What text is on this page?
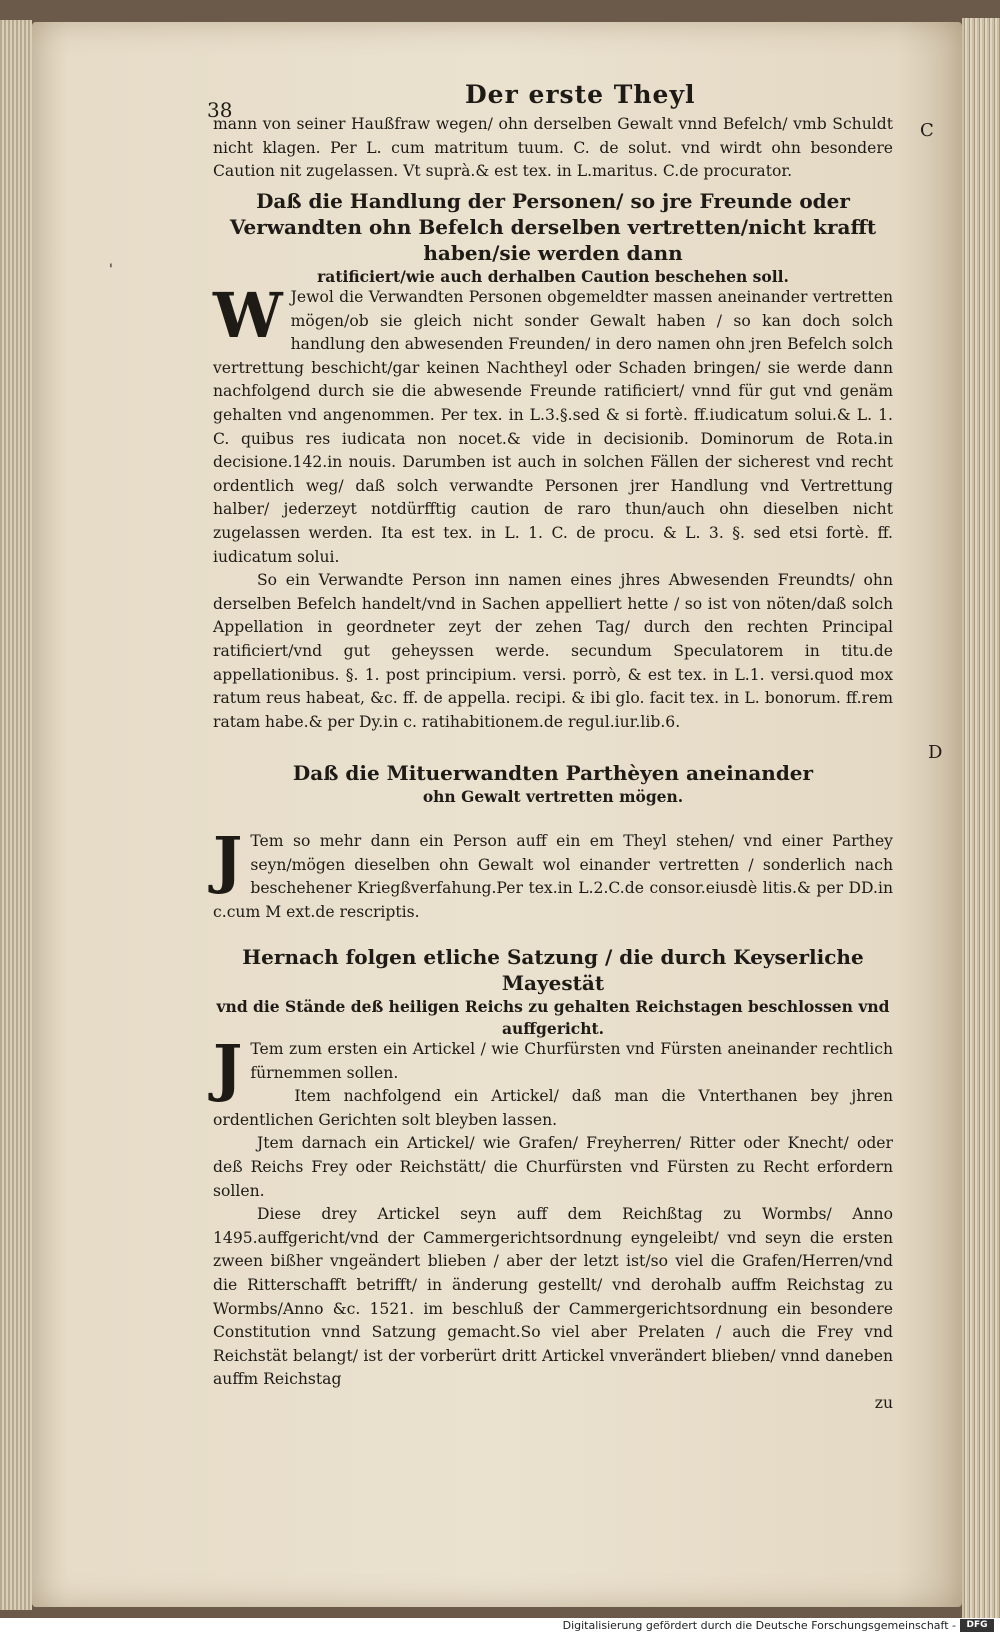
Der erste Theyl
38
C
D
'

mann von seiner Haußfraw wegen/ ohn derselben Gewalt vnnd Befelch/ vmb Schuldt nicht klagen. Per L. cum matritum tuum. C. de solut. vnd wirdt ohn besondere Caution nit zugelassen. Vt suprà.& est tex. in L.maritus. C.de procurator.

Daß die Handlung der Personen/ so jre Freunde oder Verwandten ohn Befelch derselben vertretten/nicht krafft haben/sie werden dann
ratificiert/wie auch derhalben Caution beschehen soll.

W Jewol die Verwandten Personen obgemeldter massen aneinander vertretten mögen/ob sie gleich nicht sonder Gewalt haben / so kan doch solch handlung den abwesenden Freunden/ in dero namen ohn jren Befelch solch vertrettung beschicht/gar keinen Nachtheyl oder Schaden bringen/ sie werde dann nachfolgend durch sie die abwesende Freunde ratificiert/ vnnd für gut vnd genäm gehalten vnd angenommen. Per tex. in L.3.§.sed & si fortè. ff.iudicatum solui.& L. 1. C. quibus res iudicata non nocet.& vide in decisionib. Dominorum de Rota.in decisione.142.in nouis. Darumben ist auch in solchen Fällen der sicherest vnd recht ordentlich weg/ daß solch verwandte Personen jrer Handlung vnd Vertrettung halber/ jederzeyt notdürfftig caution de raro thun/auch ohn dieselben nicht zugelassen werden. Ita est tex. in L. 1. C. de procu. & L. 3. §. sed etsi fortè. ff. iudicatum solui.

So ein Verwandte Person inn namen eines jhres Abwesenden Freundts/ ohn derselben Befelch handelt/vnd in Sachen appelliert hette / so ist von nöten/daß solch Appellation in geordneter zeyt der zehen Tag/ durch den rechten Principal ratificiert/vnd gut geheyssen werde. secundum Speculatorem in titu.de appellationibus. §. 1. post principium. versi. porrò, & est tex. in L.1. versi.quod mox ratum reus habeat, &c. ff. de appella. recipi. & ibi glo. facit tex. in L. bonorum. ff.rem ratam habe.& per Dy.in c. ratihabitionem.de regul.iur.lib.6.

Daß die Mituerwandten Parthèyen aneinander
ohn Gewalt vertretten mögen.

J Tem so mehr dann ein Person auff ein em Theyl stehen/ vnd einer Parthey seyn/mögen dieselben ohn Gewalt wol einander vertretten / sonderlich nach beschehener Kriegßverfahung.Per tex.in L.2.C.de consor.eiusdè litis.& per DD.in c.cum M ext.de rescriptis.

Hernach folgen etliche Satzung / die durch Keyserliche Mayestät
vnd die Stände deß heiligen Reichs zu gehalten Reichstagen beschlossen vnd auffgericht.

J Tem zum ersten ein Artickel / wie Churfürsten vnd Fürsten aneinander rechtlich fürnemmen sollen.

Item nachfolgend ein Artickel/ daß man die Vnterthanen bey jhren ordentlichen Gerichten solt bleyben lassen.

Jtem darnach ein Artickel/ wie Grafen/ Freyherren/ Ritter oder Knecht/ oder deß Reichs Frey oder Reichstätt/ die Churfürsten vnd Fürsten zu Recht erfordern sollen.

Diese drey Artickel seyn auff dem Reichßtag zu Wormbs/ Anno 1495.auffgericht/vnd der Cammergerichtsordnung eyngeleibt/ vnd seyn die ersten zween bißher vngeändert blieben / aber der letzt ist/so viel die Grafen/Herren/vnd die Ritterschafft betrifft/ in änderung gestellt/ vnd derohalb auffm Reichstag zu Wormbs/Anno &c. 1521. im beschluß der Cammergerichtsordnung ein besondere Constitution vnnd Satzung gemacht.So viel aber Prelaten / auch die Frey vnd Reichstät belangt/ ist der vorberürt dritt Artickel vnverändert blieben/ vnnd daneben auffm Reichstag

zu

Digitalisierung gefördert durch die Deutsche Forschungsgemeinschaft -	DFG
